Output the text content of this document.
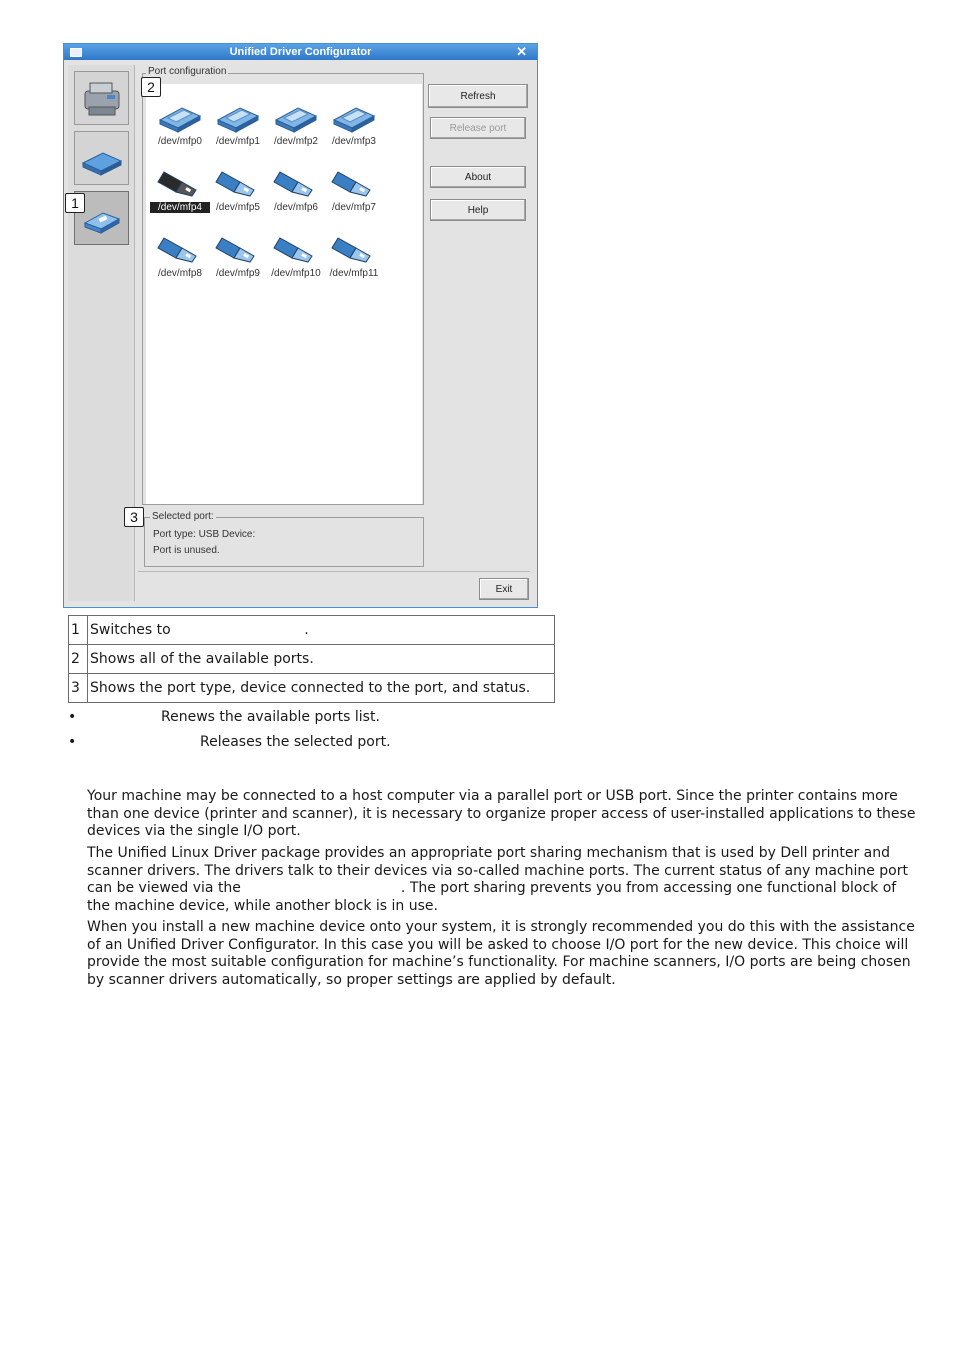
Unified Driver Configurator	✕
Port configuration
/dev/mfp0	/dev/mfp1	/dev/mfp2	/dev/mfp3
/dev/mfp4	/dev/mfp5	/dev/mfp6	/dev/mfp7
/dev/mfp8	/dev/mfp9	/dev/mfp10 /dev/mfp11
Refresh
Release port
About
Help
Selected port:
Port type: USB Device:
Port is unused.
Exit
1
2
3
1	Switches to                              .
2	Shows all of the available ports.
3	Shows the port type, device connected to the port, and status.
•	Renews the available ports list.
•	Releases the selected port.
Your machine may be connected to a host computer via a parallel port or USB port. Since the printer contains more than one device (printer and scanner), it is necessary to organize proper access of user-installed applications to these devices via the single I/O port.
The Unified Linux Driver package provides an appropriate port sharing mechanism that is used by Dell printer and scanner drivers. The drivers talk to their devices via so-called machine ports. The current status of any machine port can be viewed via the	. The port sharing prevents you from accessing one functional block of the machine device, while another block is in use.
When you install a new machine device onto your system, it is strongly recommended you do this with the assistance of an Unified Driver Configurator. In this case you will be asked to choose I/O port for the new device. This choice will provide the most suitable configuration for machine’s functionality. For machine scanners, I/O ports are being chosen by scanner drivers automatically, so proper settings are applied by default.
